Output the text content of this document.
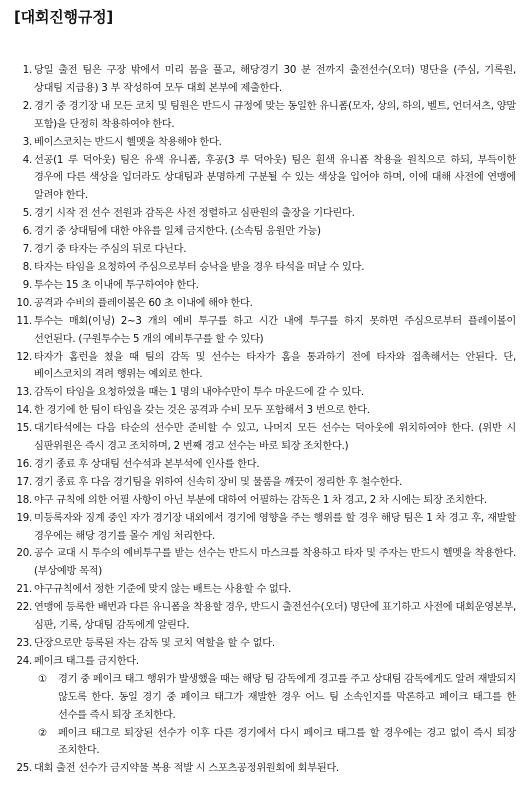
[대회진행규정]
1. 당일 출전 팀은 구장 밖에서 미리 몸을 풀고, 해당경기 30 분 전까지 출전선수(오더) 명단을 (주심, 기록원, 상대팀 지급용) 3 부 작성하여 모두 대회 본부에 제출한다.
2. 경기 중 경기장 내 모든 코치 및 팀원은 반드시 규정에 맞는 동일한 유니폼(모자, 상의, 하의, 벨트, 언더셔츠, 양말 포함)을 단정히 착용하여야 한다.
3. 베이스코치는 반드시 헬멧을 착용해야 한다.
4. 선공(1 루 덕아웃) 팀은 유색 유니폼, 후공(3 루 덕아웃) 팀은 흰색 유니폼 착용을 원칙으로 하되, 부득이한 경우에 다른 색상을 입더라도 상대팀과 분명하게 구분될 수 있는 색상을 입어야 하며, 이에 대해 사전에 연맹에 알려야 한다.
5. 경기 시작 전 선수 전원과 감독은 사전 정렬하고 심판원의 출장을 기다린다.
6. 경기 중 상대팀에 대한 야유를 일체 금지한다. (소속팀 응원만 가능)
7. 경기 중 타자는 주심의 뒤로 다닌다.
8. 타자는 타임을 요청하여 주심으로부터 승낙을 받을 경우 타석을 떠날 수 있다.
9. 투수는 15 초 이내에 투구하여야 한다.
10. 공격과 수비의 플레이볼은 60 초 이내에 해야 한다.
11. 투수는 매회(이닝) 2~3 개의 예비 투구를 하고 시간 내에 투구를 하지 못하면 주심으로부터 플레이볼이 선언된다. (구원투수는 5 개의 예비투구를 할 수 있다)
12. 타자가 홈런을 쳤을 때 팀의 감독 및 선수는 타자가 홈을 통과하기 전에 타자와 접촉해서는 안된다. 단, 베이스코치의 격려 행위는 예외로 한다.
13. 감독이 타임을 요청하였을 때는 1 명의 내야수만이 투수 마운드에 갈 수 있다.
14. 한 경기에 한 팀이 타임을 갖는 것은 공격과 수비 모두 포함해서 3 번으로 한다.
15. 대기타석에는 다음 타순의 선수만 준비할 수 있고, 나머지 모든 선수는 덕아웃에 위치하여야 한다. (위반 시 심판위원은 즉시 경고 조치하며, 2 번째 경고 선수는 바로 퇴장 조치한다.)
16. 경기 종료 후 상대팀 선수석과 본부석에 인사를 한다.
17. 경기 종료 후 다음 경기팀을 위하여 신속히 장비 및 물품을 깨끗이 정리한 후 철수한다.
18. 야구 규칙에 의한 어필 사항이 아닌 부분에 대하여 어필하는 감독은 1 차 경고, 2 차 시에는 퇴장 조치한다.
19. 미등록자와 징계 중인 자가 경기장 내외에서 경기에 영향을 주는 행위를 할 경우 해당 팀은 1 차 경고 후, 재발할 경우에는 해당 경기를 몰수 게임 처리한다.
20. 공수 교대 시 투수의 예비투구를 받는 선수는 반드시 마스크를 착용하고 타자 및 주자는 반드시 헬멧을 착용한다. (부상예방 목적)
21. 야구규칙에서 정한 기준에 맞지 않는 배트는 사용할 수 없다.
22. 연맹에 등록한 배번과 다른 유니폼을 착용할 경우, 반드시 출전선수(오더) 명단에 표기하고 사전에 대회운영본부, 심판, 기록, 상대팀 감독에게 알린다.
23. 단장으로만 등록된 자는 감독 및 코치 역할을 할 수 없다.
24. 페이크 태그를 금지한다.
① 경기 중 페이크 태그 행위가 발생했을 때는 해당 팀 감독에게 경고를 주고 상대팀 감독에게도 알려 재발되지 않도록 한다. 동일 경기 중 페이크 태그가 재발한 경우 어느 팀 소속인지를 막론하고 페이크 태그를 한 선수를 즉시 퇴장 조치한다.
② 페이크 태그로 퇴장된 선수가 이후 다른 경기에서 다시 페이크 태그를 할 경우에는 경고 없이 즉시 퇴장 조치한다.
25. 대회 출전 선수가 금지약물 복용 적발 시 스포츠공정위원회에 회부된다.
